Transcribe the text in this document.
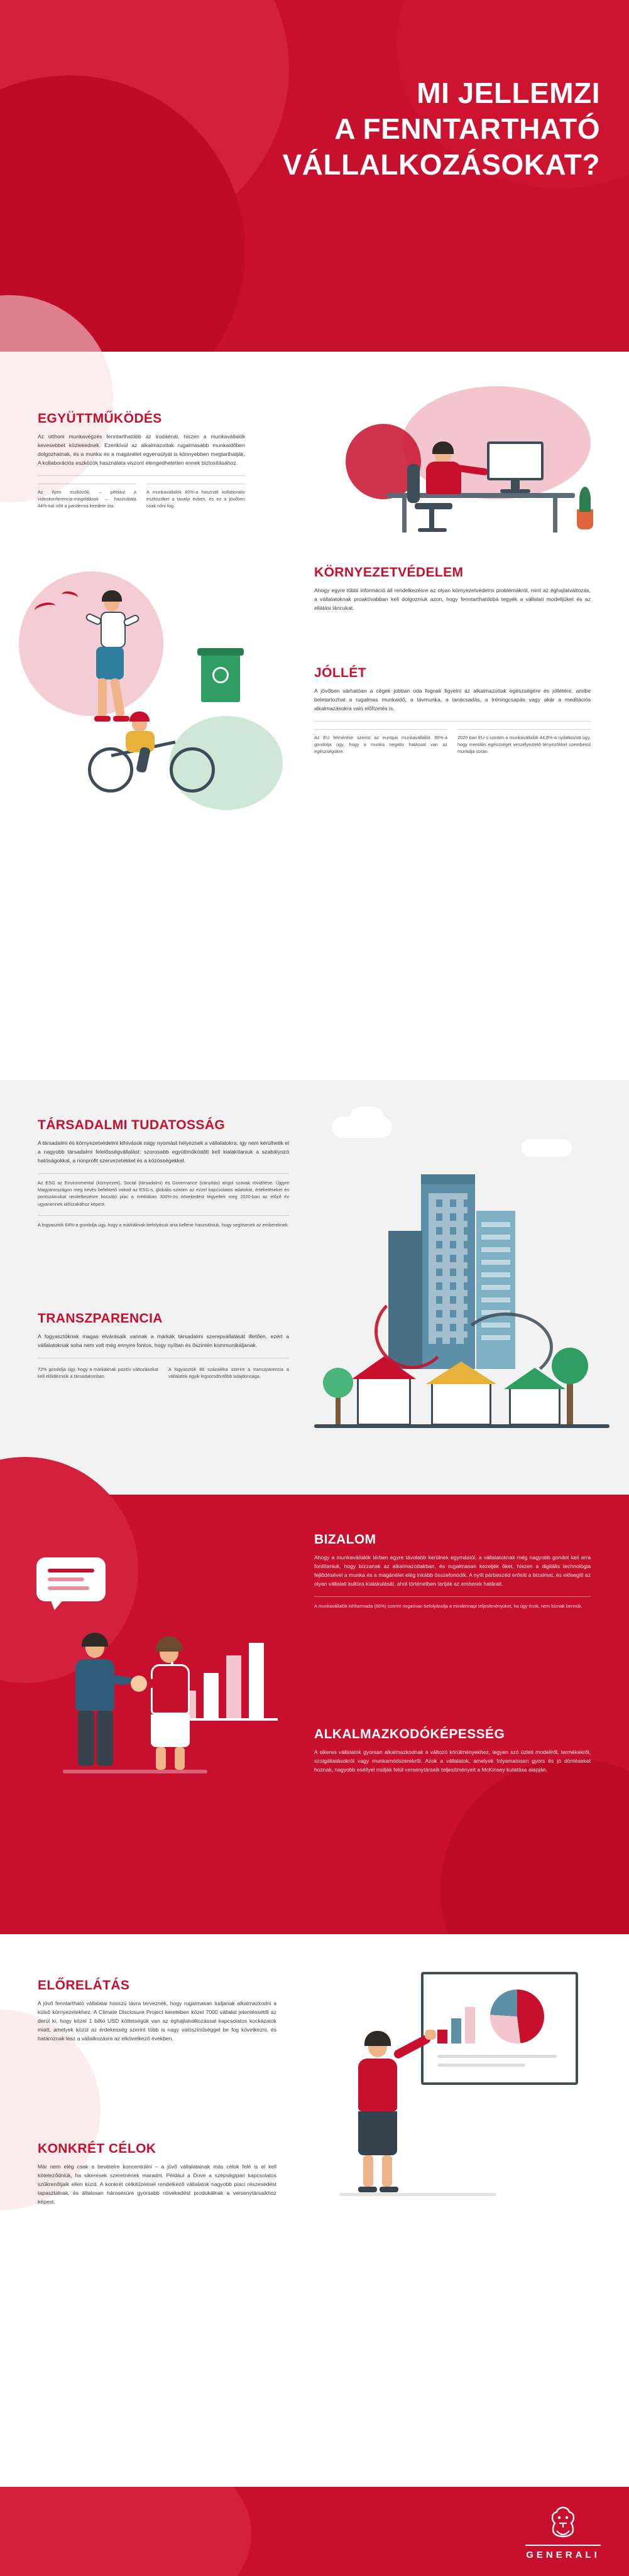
MI JELLEMZI
A FENNTARTHATÓ
VÁLLALKOZÁSOKAT?
EGYÜTTMŰKÖDÉS
Az otthoni munkavégzés fenntarthatóbb az irodáénál, hiszen a munkavállalók kevesebbet közlekednek. Ezenkívül az alkalmazottak rugalmasabb munkaidőben dolgozhatnak, és a munka és a magánélet egyensúlyát is könnyebben megtarthatják. A kollaborációs eszközök használata viszont elengedhetetlen ennek biztosításához.
Az ilyen eszközök, – például a videokonferencia-megoldások – használata 44%-kal nőtt a pandemia kezdete óta.
A munkavállalók 80%-a használt kollaborativ eszközöket a tavalyi évben, és ez a jövőben csak nőni fog.
KÖRNYEZETVÉDELEM
Ahogy egyre többi információ áll rendelkezésre az olyan környezetvédelmi problémákról, mint az éghajlatváltozás, a vállalatoknak proaktívabban kell dolgozniuk azon, hogy fenntarthatóbbá tegyék a vállalati modelljüket és az ellátási láncukat.
JÓLLÉT
A jövőben várhatóan a cégek jobban oda fognak figyelni az alkalmazottak egészségére és jóllétére, amibe beletartozhat a rugalmas munkaidő, a távmunka, a tanácsadás, a tréningcsapás vagy akár a meditációs alkalmazásokra való előfizetés is.
Az EU felmérése szerint az európai munkavállalók 36%-a gondolja úgy, hogy a munka negatív hatással van az egészségükre.
2020-ban EU-s szinten a munkavállalók 44,8%-a nyilatkozott úgy, hogy mentális egészségét veszélyeztető tényezőkkel szembesül munkája során.
TÁRSADALMI TUDATOSSÁG
A társadalmi és környezetvédelmi kihívások nagy nyomást helyeznek a vállalatokra, így nem kerülhetik el a nagyobb társadalmi felelősségvállalást: szorosabb együttműködőtt kell kialakítaniuk a szabályozó hatóságokkal, a nonprofit szervezetekkel és a közösségekkel.
Az ESG az Environmental (környezeti), Social (társadalmi) és Governance (irányítás) angol szavak rövidítése. Újgyre Magyarországon meg kevés befektető vokod az ESG-s, globális szinten az ezzel kapcsolatos adatokat, értékeléseket és pontszámokat rendelkezésre bocsátó piac a médiában 300%-ös növekedést tégyeltek meg 2020-ban az előző év ugyanennek időszakához képest.
A fogyasztók 64%-a gondolja úgy, hogy a márkáknak befolyásuk arra kellene használniuk, hogy segítsenek az embereknek.
TRANSZPARENCIA
A fogyasztóknak magas elvárásaik vannak a márkák társadalmi szerepvállalását illetően, ezért a vállalatoknak soha nem volt még ennyire fontos, hogy nyíltan és őszintén kommunikáljanak.
72% gondolja úgy, hogy a márkáknak pozitív változásokat kell előidézniük a társadalomban.
A fogyasztók 86 százaléka szerint a transzparencia a vállalatok egyik legsorsdöntőbb tulajdonsága.
BIZALOM
Ahogy a munkavállalók térben egyre távolabb kerülnek egymástól, a vállalatoknak még nagyobb gondot kell arra fordítaniuk, hogy bízzanak az alkalmazottakban, és rugalmasan kezeljék őket, hiszen a digitális technológia fejlődésével a munka és a magánélet elég inkább összefonódik. A nyílt párbeszéd erősíti a bizalmat, és elősegíti az olyan vállalati kultúra kialakulását, ahol történetben tartják az emberek határait.
A munkavállalók kétharmada (66%) szerint negatívan befolyásolja a mindennapi teljesítményüket, ha úgy érzik, nem bíznak bennük.
ALKALMAZKODÓKÉPESSÉG
A sikeres vállalatok gyorsan alkalmazkodnak a változó körülményekhez, legyen szó üzleti modellről, termékekről, szolgáltatásokról vagy munkamódszerekről. Azok a vállalatok, amelyek folyamatosan gyors és jó döntéseket hoznak, nagyobb eséllyel múlják felül versenytársaik teljesítményeit a McKinsey kutatása alapján.
ELŐRELÁTÁS
A jövő fenntartható vállalatai hosszú távra terveznek, hogy rugalmasan tudjanak alkalmazkodni a külső környezetekhez. A Climate Disclosure Project keretében közel 7000 vállalat jelentéssétől az derül ki, hogy közel 1 billió USD köttetségük van az éghajlatváltozással kapcsolatos kockázatok miatt, amelyek közül az érdekesség szerint több is nagy valószínűséggel be fog következni, és határoznak lesz a vállalkozásra az elkövetkező években.
KONKRÉT CÉLOK
Már nem elég csak a bevételre koncentrálni – a jövő vállalatainak más célok felé is el kell köteleződniük, ha sikeresek szeretnének maradni. Például a Dove a szépségipari kapcsolatos szűkrenőtjaik ellen küzd. A konkrét célkitűzéssel rendelkező vállalatok nagyobb piaci részesedést tapasztalnak, és általosan hárosesüre gyorsabb növekedést produkálnak a versenytársaikhoz képest.
GENERALI
